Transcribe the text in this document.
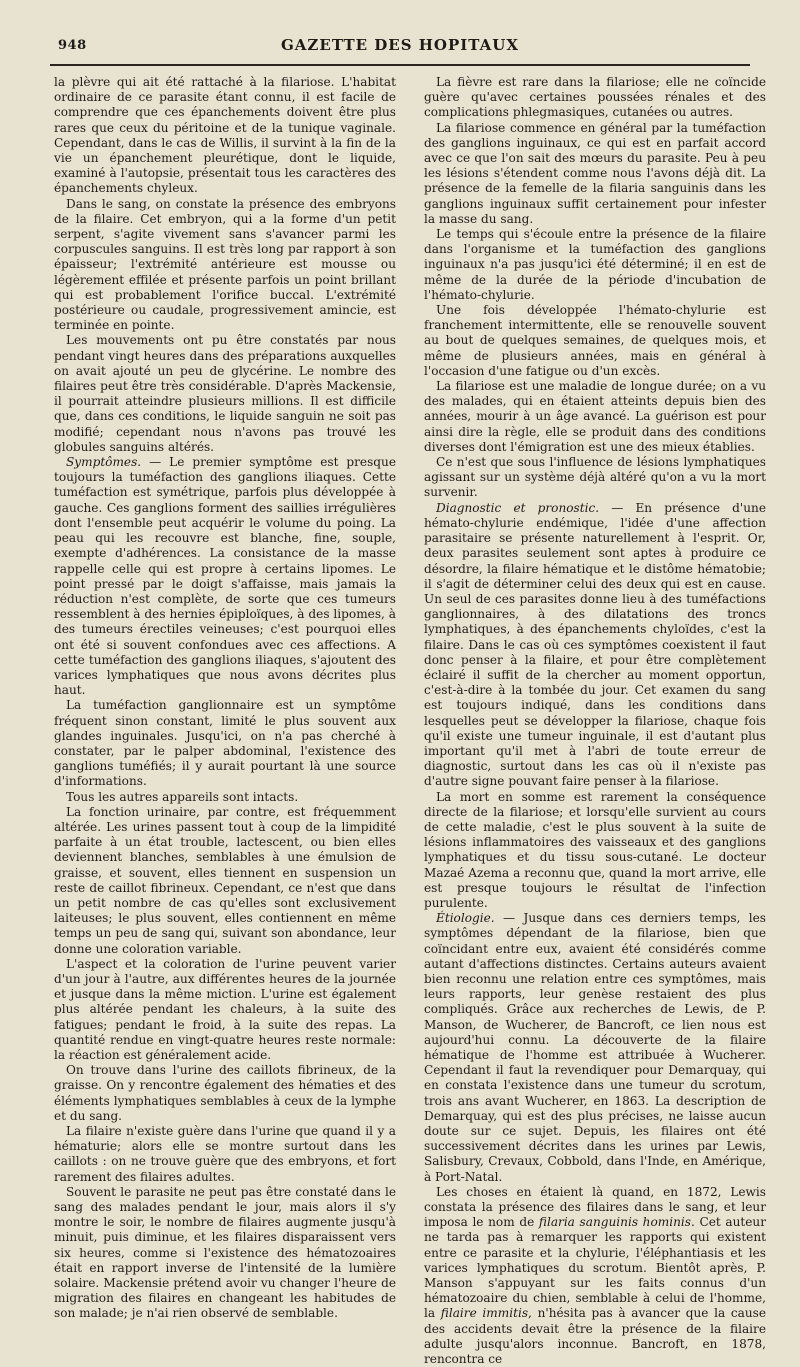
948	GAZETTE DES HOPITAUX

la plèvre qui ait été rattaché à la filariose. L'habitat ordinaire de ce parasite étant connu, il est facile de comprendre que ces épanchements doivent être plus rares que ceux du péritoine et de la tunique vaginale. Cependant, dans le cas de Willis, il survint à la fin de la vie un épanchement pleurétique, dont le liquide, examiné à l'autopsie, présentait tous les caractères des épanchements chyleux.

Dans le sang, on constate la présence des embryons de la filaire. Cet embryon, qui a la forme d'un petit serpent, s'agite vivement sans s'avancer parmi les corpuscules sanguins. Il est très long par rapport à son épaisseur; l'extrémité antérieure est mousse ou légèrement effilée et présente parfois un point brillant qui est probablement l'orifice buccal. L'extrémité postérieure ou caudale, progressivement amincie, est terminée en pointe.

Les mouvements ont pu être constatés par nous pendant vingt heures dans des préparations auxquelles on avait ajouté un peu de glycérine. Le nombre des filaires peut être très considérable. D'après Mackensie, il pourrait atteindre plusieurs millions. Il est difficile que, dans ces conditions, le liquide sanguin ne soit pas modifié; cependant nous n'avons pas trouvé les globules sanguins altérés.

Symptômes. — Le premier symptôme est presque toujours la tuméfaction des ganglions iliaques. Cette tuméfaction est symétrique, parfois plus développée à gauche. Ces ganglions forment des saillies irrégulières dont l'ensemble peut acquérir le volume du poing. La peau qui les recouvre est blanche, fine, souple, exempte d'adhérences. La consistance de la masse rappelle celle qui est propre à certains lipomes. Le point pressé par le doigt s'affaisse, mais jamais la réduction n'est complète, de sorte que ces tumeurs ressemblent à des hernies épiploïques, à des lipomes, à des tumeurs érectiles veineuses; c'est pourquoi elles ont été si souvent confondues avec ces affections. A cette tuméfaction des ganglions iliaques, s'ajoutent des varices lymphatiques que nous avons décrites plus haut.

La tuméfaction ganglionnaire est un symptôme fréquent sinon constant, limité le plus souvent aux glandes inguinales. Jusqu'ici, on n'a pas cherché à constater, par le palper abdominal, l'existence des ganglions tuméfiés; il y aurait pourtant là une source d'informations.

Tous les autres appareils sont intacts.

La fonction urinaire, par contre, est fréquemment altérée. Les urines passent tout à coup de la limpidité parfaite à un état trouble, lactescent, ou bien elles deviennent blanches, semblables à une émulsion de graisse, et souvent, elles tiennent en suspension un reste de caillot fibrineux. Cependant, ce n'est que dans un petit nombre de cas qu'elles sont exclusivement laiteuses; le plus souvent, elles contiennent en même temps un peu de sang qui, suivant son abondance, leur donne une coloration variable.

L'aspect et la coloration de l'urine peuvent varier d'un jour à l'autre, aux différentes heures de la journée et jusque dans la même miction. L'urine est également plus altérée pendant les chaleurs, à la suite des fatigues; pendant le froid, à la suite des repas. La quantité rendue en vingt-quatre heures reste normale: la réaction est généralement acide.

On trouve dans l'urine des caillots fibrineux, de la graisse. On y rencontre également des hématies et des éléments lymphatiques semblables à ceux de la lymphe et du sang.

La filaire n'existe guère dans l'urine que quand il y a hématurie; alors elle se montre surtout dans les caillots : on ne trouve guère que des embryons, et fort rarement des filaires adultes.

Souvent le parasite ne peut pas être constaté dans le sang des malades pendant le jour, mais alors il s'y montre le soir, le nombre de filaires augmente jusqu'à minuit, puis diminue, et les filaires disparaissent vers six heures, comme si l'existence des hématozoaires était en rapport inverse de l'intensité de la lumière solaire. Mackensie prétend avoir vu changer l'heure de migration des filaires en changeant les habitudes de son malade; je n'ai rien observé de semblable.

La fièvre est rare dans la filariose; elle ne coïncide guère qu'avec certaines poussées rénales et des complications phlegmasiques, cutanées ou autres.

La filariose commence en général par la tuméfaction des ganglions inguinaux, ce qui est en parfait accord avec ce que l'on sait des mœurs du parasite. Peu à peu les lésions s'étendent comme nous l'avons déjà dit. La présence de la femelle de la filaria sanguinis dans les ganglions inguinaux suffit certainement pour infester la masse du sang.

Le temps qui s'écoule entre la présence de la filaire dans l'organisme et la tuméfaction des ganglions inguinaux n'a pas jusqu'ici été déterminé; il en est de même de la durée de la période d'incubation de l'hémato-chylurie.

Une fois développée l'hémato-chylurie est franchement intermittente, elle se renouvelle souvent au bout de quelques semaines, de quelques mois, et même de plusieurs années, mais en général à l'occasion d'une fatigue ou d'un excès.

La filariose est une maladie de longue durée; on a vu des malades, qui en étaient atteints depuis bien des années, mourir à un âge avancé. La guérison est pour ainsi dire la règle, elle se produit dans des conditions diverses dont l'émigration est une des mieux établies.

Ce n'est que sous l'influence de lésions lymphatiques agissant sur un système déjà altéré qu'on a vu la mort survenir.

Diagnostic et pronostic. — En présence d'une hémato-chylurie endémique, l'idée d'une affection parasitaire se présente naturellement à l'esprit. Or, deux parasites seulement sont aptes à produire ce désordre, la filaire hématique et le distôme hématobie; il s'agit de déterminer celui des deux qui est en cause. Un seul de ces parasites donne lieu à des tuméfactions ganglionnaires, à des dilatations des troncs lymphatiques, à des épanchements chyloïdes, c'est la filaire. Dans le cas où ces symptômes coexistent il faut donc penser à la filaire, et pour être complètement éclairé il suffit de la chercher au moment opportun, c'est-à-dire à la tombée du jour. Cet examen du sang est toujours indiqué, dans les conditions dans lesquelles peut se développer la filariose, chaque fois qu'il existe une tumeur inguinale, il est d'autant plus important qu'il met à l'abri de toute erreur de diagnostic, surtout dans les cas où il n'existe pas d'autre signe pouvant faire penser à la filariose.

La mort en somme est rarement la conséquence directe de la filariose; et lorsqu'elle survient au cours de cette maladie, c'est le plus souvent à la suite de lésions inflammatoires des vaisseaux et des ganglions lymphatiques et du tissu sous-cutané. Le docteur Mazaé Azema a reconnu que, quand la mort arrive, elle est presque toujours le résultat de l'infection purulente.

Étiologie. — Jusque dans ces derniers temps, les symptômes dépendant de la filariose, bien que coïncidant entre eux, avaient été considérés comme autant d'affections distinctes. Certains auteurs avaient bien reconnu une relation entre ces symptômes, mais leurs rapports, leur genèse restaient des plus compliqués. Grâce aux recherches de Lewis, de P. Manson, de Wucherer, de Bancroft, ce lien nous est aujourd'hui connu. La découverte de la filaire hématique de l'homme est attribuée à Wucherer. Cependant il faut la revendiquer pour Demarquay, qui en constata l'existence dans une tumeur du scrotum, trois ans avant Wucherer, en 1863. La description de Demarquay, qui est des plus précises, ne laisse aucun doute sur ce sujet. Depuis, les filaires ont été successivement décrites dans les urines par Lewis, Salisbury, Crevaux, Cobbold, dans l'Inde, en Amérique, à Port-Natal.

Les choses en étaient là quand, en 1872, Lewis constata la présence des filaires dans le sang, et leur imposa le nom de filaria sanguinis hominis. Cet auteur ne tarda pas à remarquer les rapports qui existent entre ce parasite et la chylurie, l'éléphantiasis et les varices lymphatiques du scrotum. Bientôt après, P. Manson s'appuyant sur les faits connus d'un hématozoaire du chien, semblable à celui de l'homme, la filaire immitis, n'hésita pas à avancer que la cause des accidents devait être la présence de la filaire adulte jusqu'alors inconnue. Bancroft, en 1878, rencontra ce
